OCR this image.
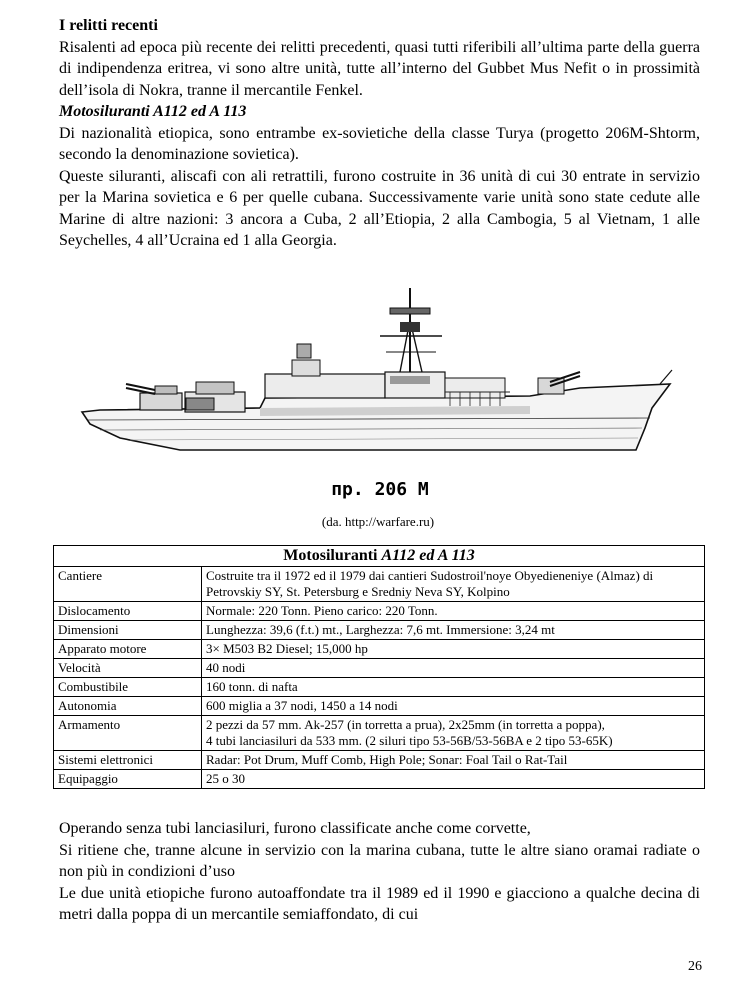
I relitti recenti

Risalenti ad epoca più recente dei relitti precedenti, quasi tutti riferibili all’ultima parte della guerra di indipendenza eritrea, vi sono altre unità, tutte all’interno del Gubbet Mus Nefit o in prossimità dell’isola di Nokra, tranne il mercantile Fenkel.

Motosiluranti A112 ed A 113

Di nazionalità etiopica, sono entrambe ex-sovietiche della classe Turya (progetto 206M-Shtorm, secondo la denominazione sovietica).

Queste siluranti, aliscafi con ali retrattili, furono costruite in 36 unità di cui 30 entrate in servizio per la Marina sovietica e 6 per quelle cubana. Successivamente varie unità sono state cedute alle Marine di altre nazioni: 3 ancora a Cuba, 2 all’Etiopia, 2 alla Cambogia, 5 al Vietnam, 1 alle Seychelles, 4 all’Ucraina ed 1 alla Georgia.

пр. 206 М
(da. http://warfare.ru)
Motosiluranti A112 ed A 113	
Cantiere	Costruite tra il 1972 ed il 1979 dai cantieri Sudostroil'noye Obyedieneniye (Almaz) di Petrovskiy SY, St. Petersburg e Sredniy Neva SY, Kolpino
Dislocamento	Normale: 220 Tonn. Pieno carico: 220 Tonn.
Dimensioni	Lunghezza: 39,6 (f.t.) mt., Larghezza: 7,6 mt. Immersione: 3,24 mt
Apparato motore	3× M503 B2 Diesel; 15,000 hp
Velocità	40 nodi
Combustibile	160 tonn. di nafta
Autonomia	600 miglia a 37 nodi, 1450 a 14 nodi
Armamento	2 pezzi da 57 mm. Ak-257 (in torretta a prua), 2x25mm (in torretta a poppa),
4 tubi lanciasiluri da 533 mm. (2 siluri tipo 53-56B/53-56BA e 2 tipo 53-65K)
Sistemi elettronici	Radar: Pot Drum, Muff Comb, High Pole; Sonar: Foal Tail o Rat-Tail
Equipaggio	25 o 30

Operando senza tubi lanciasiluri, furono classificate anche come corvette,

Si ritiene che, tranne alcune in servizio con la marina cubana, tutte le altre siano oramai radiate o non più in condizioni d’uso

Le due unità etiopiche furono autoaffondate tra il 1989 ed il 1990 e giacciono a qualche decina di metri dalla poppa di un mercantile semiaffondato, di cui

26
